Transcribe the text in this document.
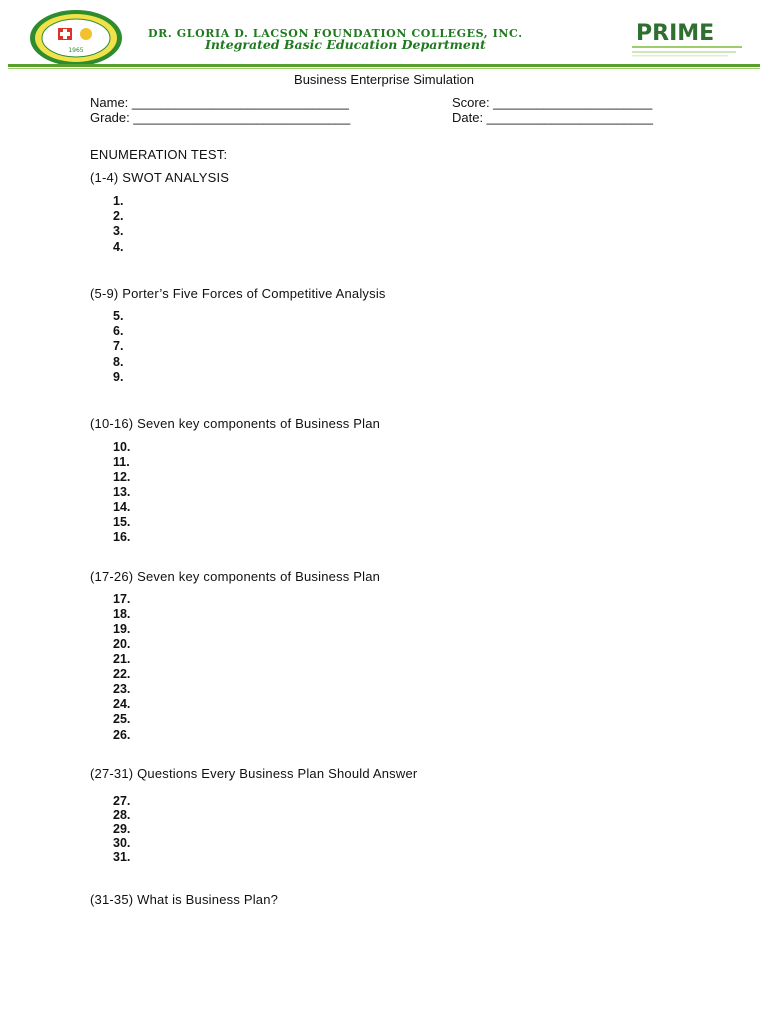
1965
DR. GLORIA D. LACSON FOUNDATION COLLEGES, INC.
Integrated Basic Education Department	PRIME
Business Enterprise Simulation
Name: ______________________________	Score: ______________________
Grade: ______________________________	Date: _______________________
ENUMERATION TEST:
(1-4) SWOT ANALYSIS
1.
2.
3.
4.
(5-9) Porter’s Five Forces of Competitive Analysis
5.
6.
7.
8.
9.
(10-16) Seven key components of Business Plan
10.
11.
12.
13.
14.
15.
16.
(17-26) Seven key components of Business Plan
17.
18.
19.
20.
21.
22.
23.
24.
25.
26.
(27-31) Questions Every Business Plan Should Answer
27.
28.
29.
30.
31.
(31-35) What is Business Plan?
